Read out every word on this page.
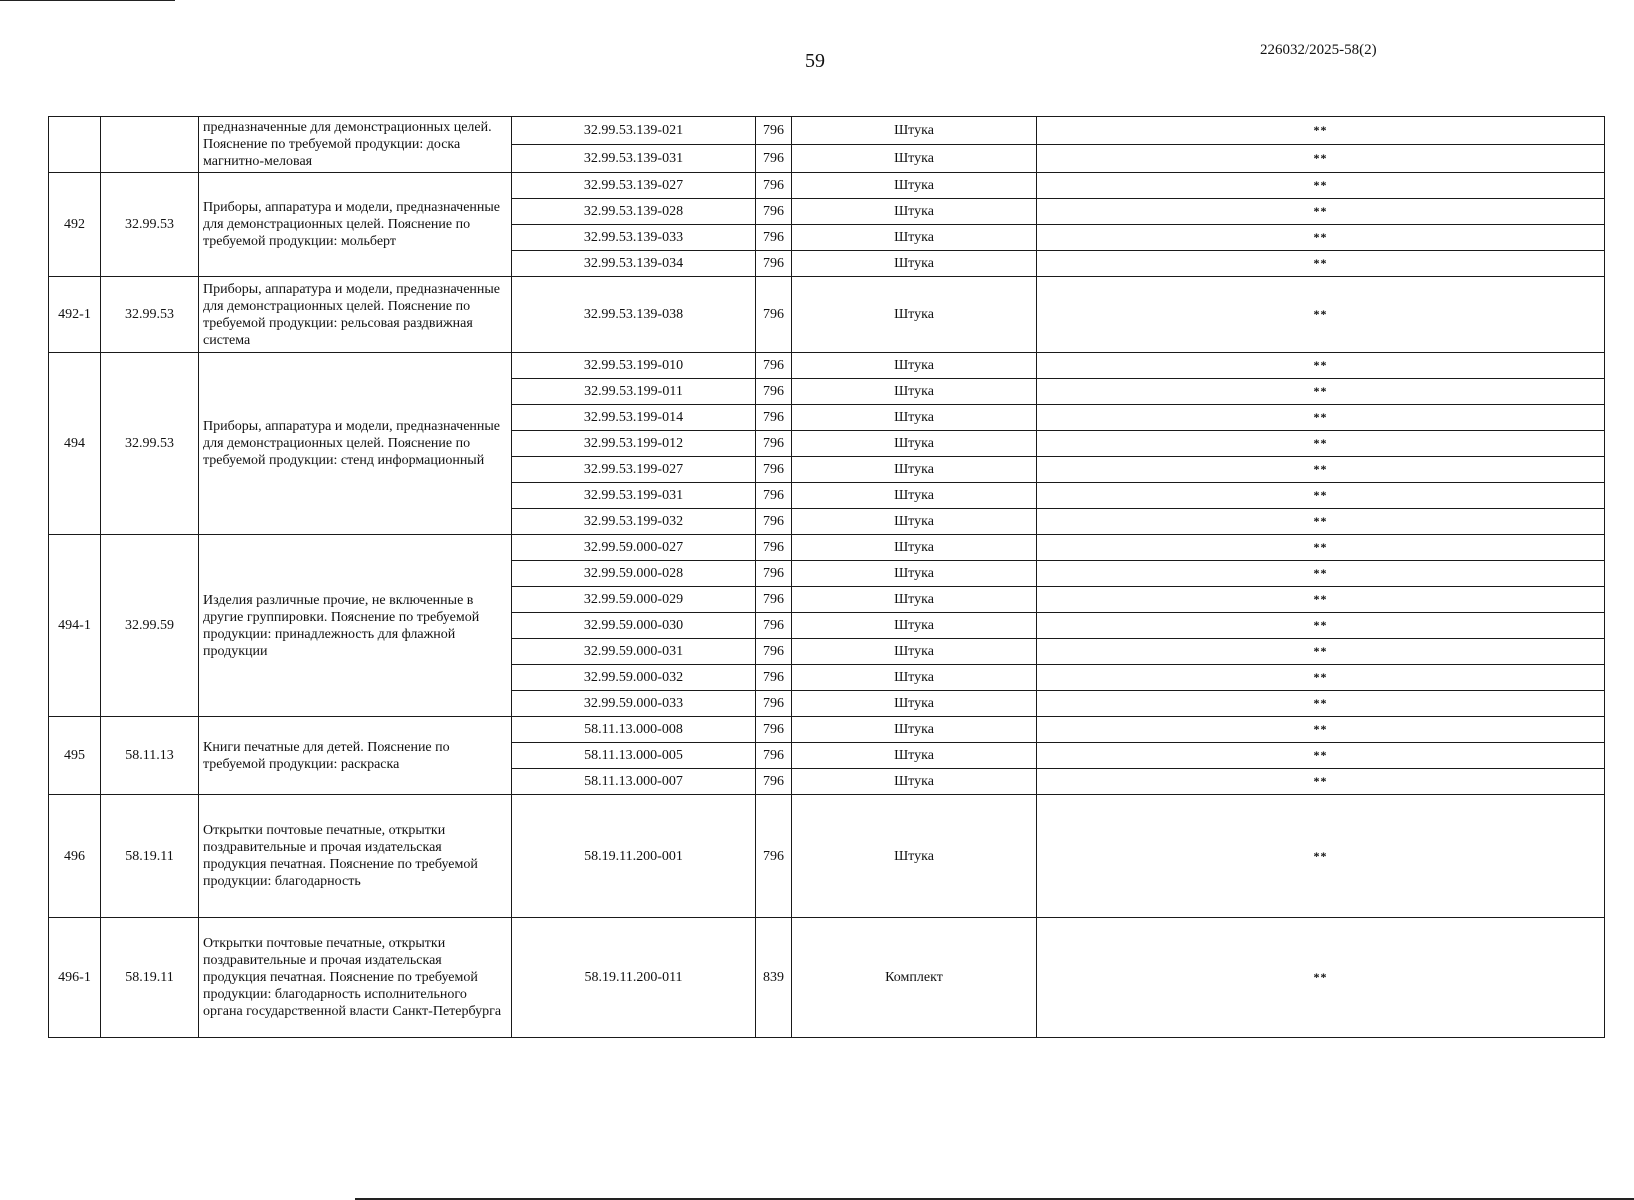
59	226032/2025-58(2)
		предназначенные для демонстрационных целей. Пояснение по требуемой продукции: доска магнитно-меловая	32.99.53.139-021	796	Штука	**
			32.99.53.139-031	796	Штука	**
492	32.99.53	Приборы, аппаратура и модели, предназначенные для демонстрационных целей. Пояснение по требуемой продукции: мольберт	32.99.53.139-027	796	Штука	**
			32.99.53.139-028	796	Штука	**
			32.99.53.139-033	796	Штука	**
			32.99.53.139-034	796	Штука	**
492-1	32.99.53	Приборы, аппаратура и модели, предназначенные для демонстрационных целей. Пояснение по требуемой продукции: рельсовая раздвижная система	32.99.53.139-038	796	Штука	**
494	32.99.53	Приборы, аппаратура и модели, предназначенные для демонстрационных целей. Пояснение по требуемой продукции: стенд информационный	32.99.53.199-010	796	Штука	**
			32.99.53.199-011	796	Штука	**
			32.99.53.199-014	796	Штука	**
			32.99.53.199-012	796	Штука	**
			32.99.53.199-027	796	Штука	**
			32.99.53.199-031	796	Штука	**
			32.99.53.199-032	796	Штука	**
494-1	32.99.59	Изделия различные прочие, не включенные в другие группировки. Пояснение по требуемой продукции: принадлежность для флажной продукции	32.99.59.000-027	796	Штука	**
			32.99.59.000-028	796	Штука	**
			32.99.59.000-029	796	Штука	**
			32.99.59.000-030	796	Штука	**
			32.99.59.000-031	796	Штука	**
			32.99.59.000-032	796	Штука	**
			32.99.59.000-033	796	Штука	**
495	58.11.13	Книги печатные для детей. Пояснение по требуемой продукции: раскраска	58.11.13.000-008	796	Штука	**
			58.11.13.000-005	796	Штука	**
			58.11.13.000-007	796	Штука	**
496	58.19.11	Открытки почтовые печатные, открытки поздравительные и прочая издательская продукция печатная. Пояснение по требуемой продукции: благодарность	58.19.11.200-001	796	Штука	**
496-1	58.19.11	Открытки почтовые печатные, открытки поздравительные и прочая издательская продукция печатная. Пояснение по требуемой продукции: благодарность исполнительного органа государственной власти Санкт-Петербурга	58.19.11.200-011	839	Комплект	**
